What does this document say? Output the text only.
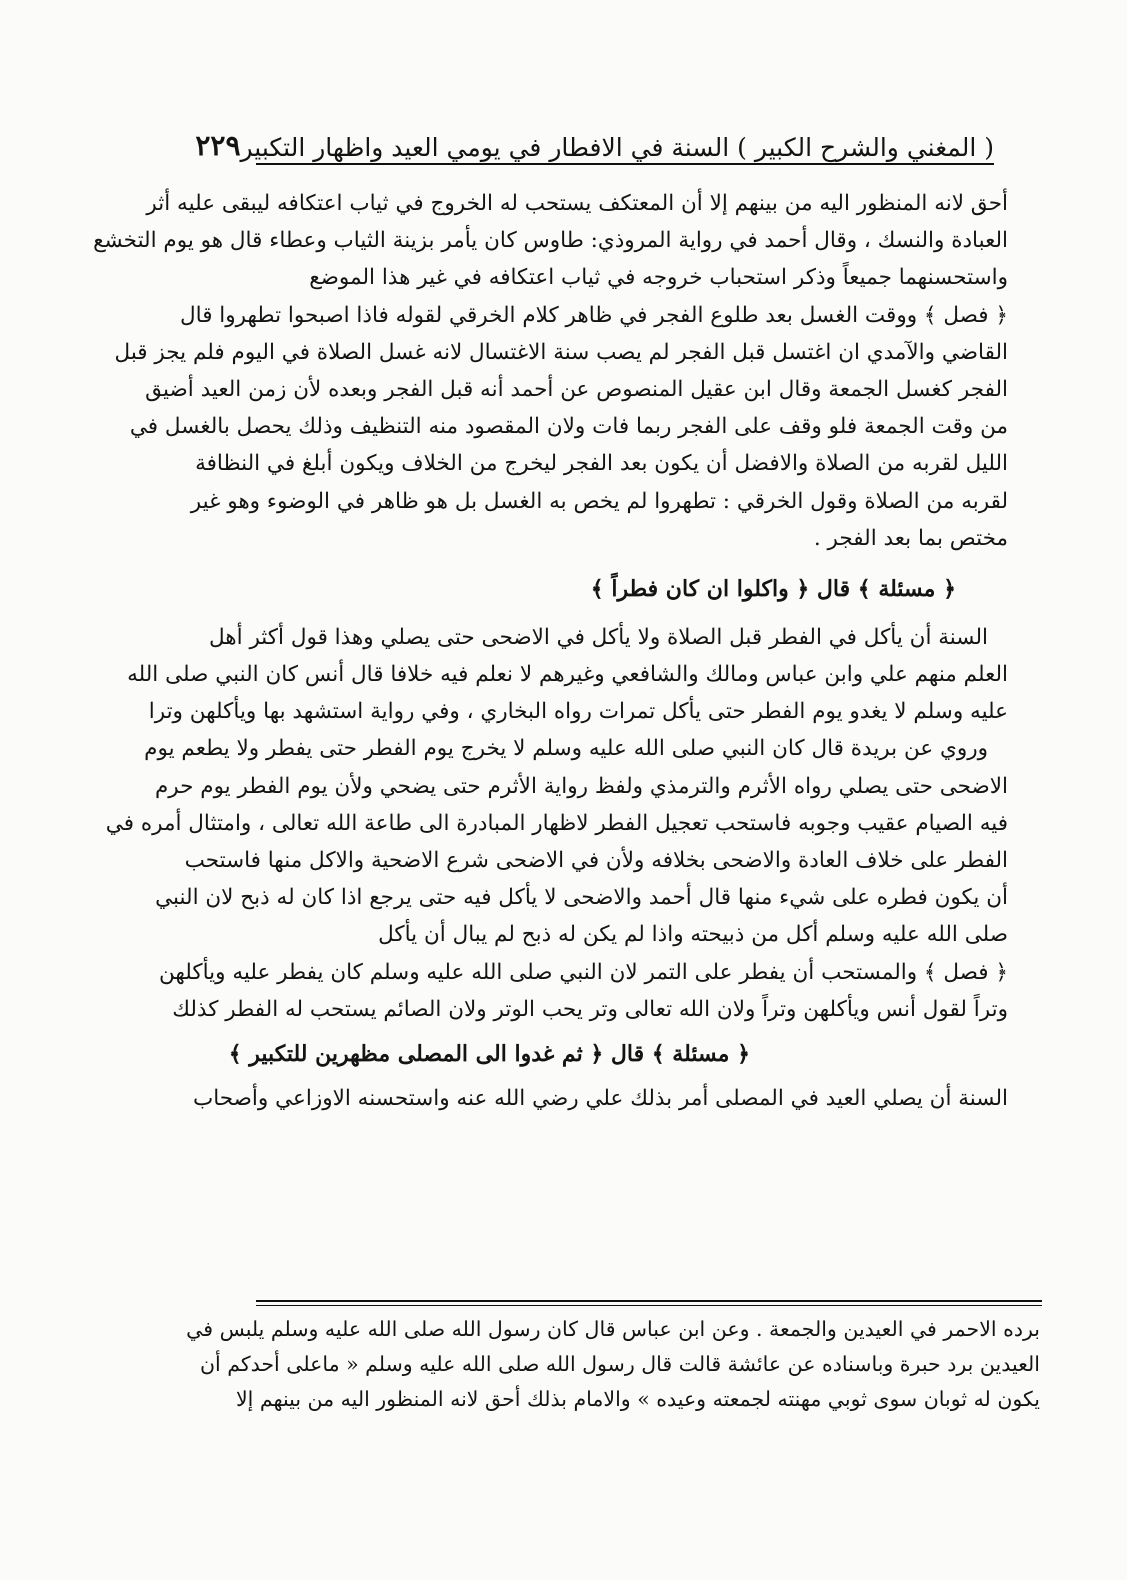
( المغني والشرح الكبير ) السنة في الافطار في يومي العيد واظهار التكبير
٢٢٩
أحق لانه المنظور اليه من بينهم إلا أن المعتكف يستحب له الخروج في ثياب اعتكافه ليبقى عليه أثر
العبادة والنسك ، وقال أحمد في رواية المروذي: طاوس كان يأمر بزينة الثياب وعطاء قال هو يوم التخشع
واستحسنهما جميعاً وذكر استحباب خروجه في ثياب اعتكافه في غير هذا الموضع
﴿ فصل ﴾ ووقت الغسل بعد طلوع الفجر في ظاهر كلام الخرقي لقوله فاذا اصبحوا تطهروا قال
القاضي والآمدي ان اغتسل قبل الفجر لم يصب سنة الاغتسال لانه غسل الصلاة في اليوم فلم يجز قبل
الفجر كغسل الجمعة وقال ابن عقيل المنصوص عن أحمد أنه قبل الفجر وبعده لأن زمن العيد أضيق
من وقت الجمعة فلو وقف على الفجر ربما فات ولان المقصود منه التنظيف وذلك يحصل بالغسل في
الليل لقربه من الصلاة والافضل أن يكون بعد الفجر ليخرج من الخلاف ويكون أبلغ في النظافة
لقربه من الصلاة وقول الخرقي : تطهروا لم يخص به الغسل بل هو ظاهر في الوضوء وهو غير
مختص بما بعد الفجر .
﴿ مسئلة ﴾ قال ﴿ واكلوا ان كان فطراً ﴾
السنة أن يأكل في الفطر قبل الصلاة ولا يأكل في الاضحى حتى يصلي وهذا قول أكثر أهل
العلم منهم علي وابن عباس ومالك والشافعي وغيرهم لا نعلم فيه خلافا قال أنس كان النبي صلى الله
عليه وسلم لا يغدو يوم الفطر حتى يأكل تمرات رواه البخاري ، وفي رواية استشهد بها ويأكلهن وترا
وروي عن بريدة قال كان النبي صلى الله عليه وسلم لا يخرج يوم الفطر حتى يفطر ولا يطعم يوم
الاضحى حتى يصلي رواه الأثرم والترمذي ولفظ رواية الأثرم حتى يضحي ولأن يوم الفطر يوم حرم
فيه الصيام عقيب وجوبه فاستحب تعجيل الفطر لاظهار المبادرة الى طاعة الله تعالى ، وامتثال أمره في
الفطر على خلاف العادة والاضحى بخلافه ولأن في الاضحى شرع الاضحية والاكل منها فاستحب
أن يكون فطره على شيء منها قال أحمد والاضحى لا يأكل فيه حتى يرجع اذا كان له ذبح لان النبي
صلى الله عليه وسلم أكل من ذبيحته واذا لم يكن له ذبح لم يبال أن يأكل
﴿ فصل ﴾ والمستحب أن يفطر على التمر لان النبي صلى الله عليه وسلم كان يفطر عليه ويأكلهن
وتراً لقول أنس ويأكلهن وتراً ولان الله تعالى وتر يحب الوتر ولان الصائم يستحب له الفطر كذلك
﴿ مسئلة ﴾ قال ﴿ ثم غدوا الى المصلى مظهرين للتكبير ﴾
السنة أن يصلي العيد في المصلى أمر بذلك علي رضي الله عنه واستحسنه الاوزاعي وأصحاب
برده الاحمر في العيدين والجمعة . وعن ابن عباس قال كان رسول الله صلى الله عليه وسلم يلبس في
العيدين برد حبرة وباسناده عن عائشة قالت قال رسول الله صلى الله عليه وسلم « ماعلى أحدكم أن
يكون له ثوبان سوى ثوبي مهنته لجمعته وعيده » والامام بذلك أحق لانه المنظور اليه من بينهم إلا
